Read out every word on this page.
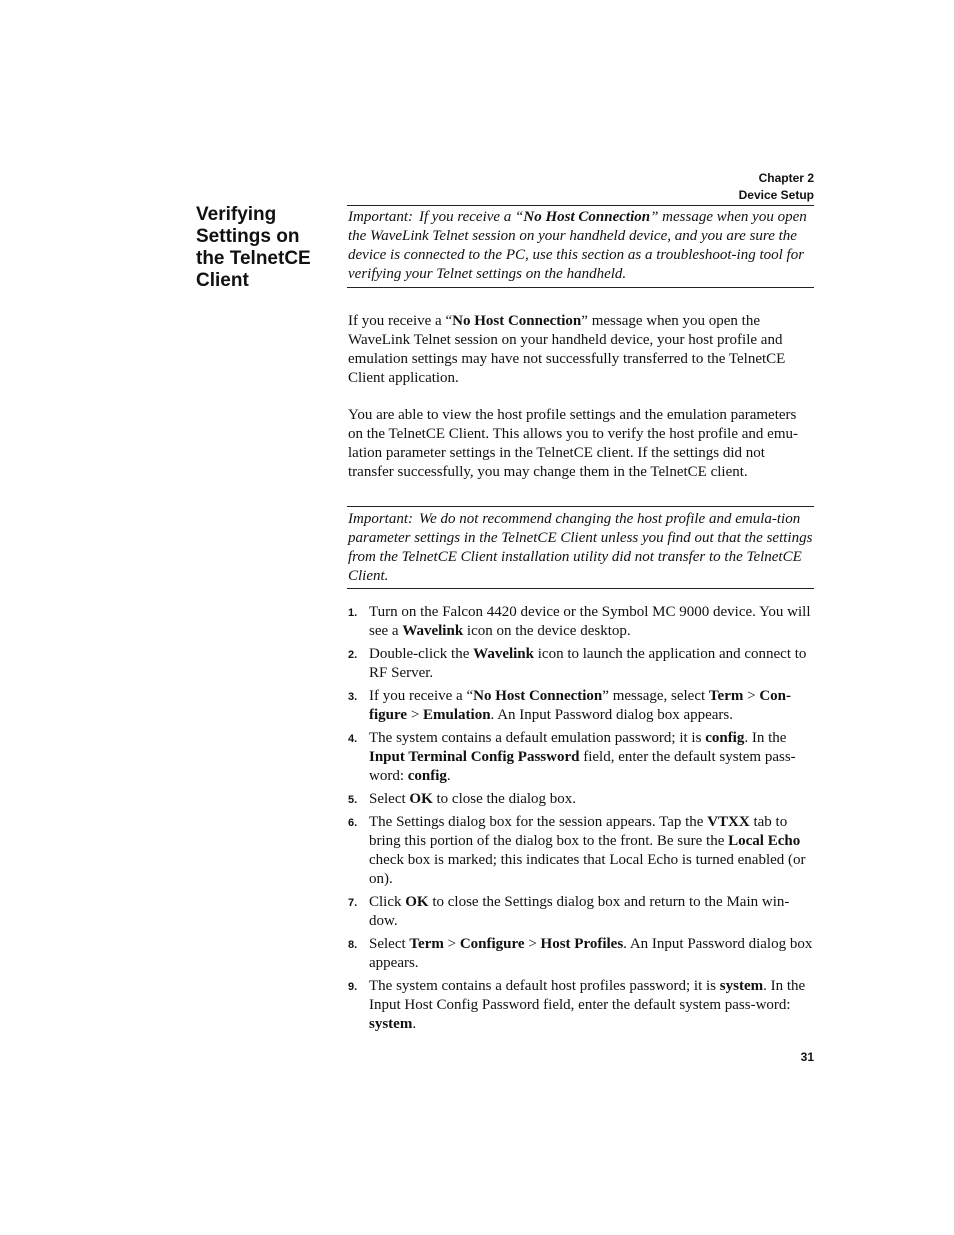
Chapter 2
Device Setup
Verifying
Settings on
the TelnetCE
Client
Important: If you receive a “No Host Connection” message when you open the WaveLink Telnet session on your handheld device, and you are sure the device is connected to the PC, use this section as a troubleshoot-ing tool for verifying your Telnet settings on the handheld.

If you receive a “No Host Connection” message when you open the WaveLink Telnet session on your handheld device, your host profile and emulation settings may have not successfully transferred to the TelnetCE Client application.

You are able to view the host profile settings and the emulation parameters on the TelnetCE Client. This allows you to verify the host profile and emu-lation parameter settings in the TelnetCE client. If the settings did not transfer successfully, you may change them in the TelnetCE client.

Important: We do not recommend changing the host profile and emula-tion parameter settings in the TelnetCE Client unless you find out that the settings from the TelnetCE Client installation utility did not transfer to the TelnetCE Client.
1. Turn on the Falcon 4420 device or the Symbol MC 9000 device. You will see a Wavelink icon on the device desktop.
2. Double-click the Wavelink icon to launch the application and connect to RF Server.
3. If you receive a “No Host Connection” message, select Term > Con-figure > Emulation. An Input Password dialog box appears.
4. The system contains a default emulation password; it is config. In the Input Terminal Config Password field, enter the default system pass-word: config.
5. Select OK to close the dialog box.
6. The Settings dialog box for the session appears. Tap the VTXX tab to bring this portion of the dialog box to the front. Be sure the Local Echo check box is marked; this indicates that Local Echo is turned enabled (or on).
7. Click OK to close the Settings dialog box and return to the Main win-dow.
8. Select Term > Configure > Host Profiles. An Input Password dialog box appears.
9. The system contains a default host profiles password; it is system. In the Input Host Config Password field, enter the default system pass-word: system.
31
